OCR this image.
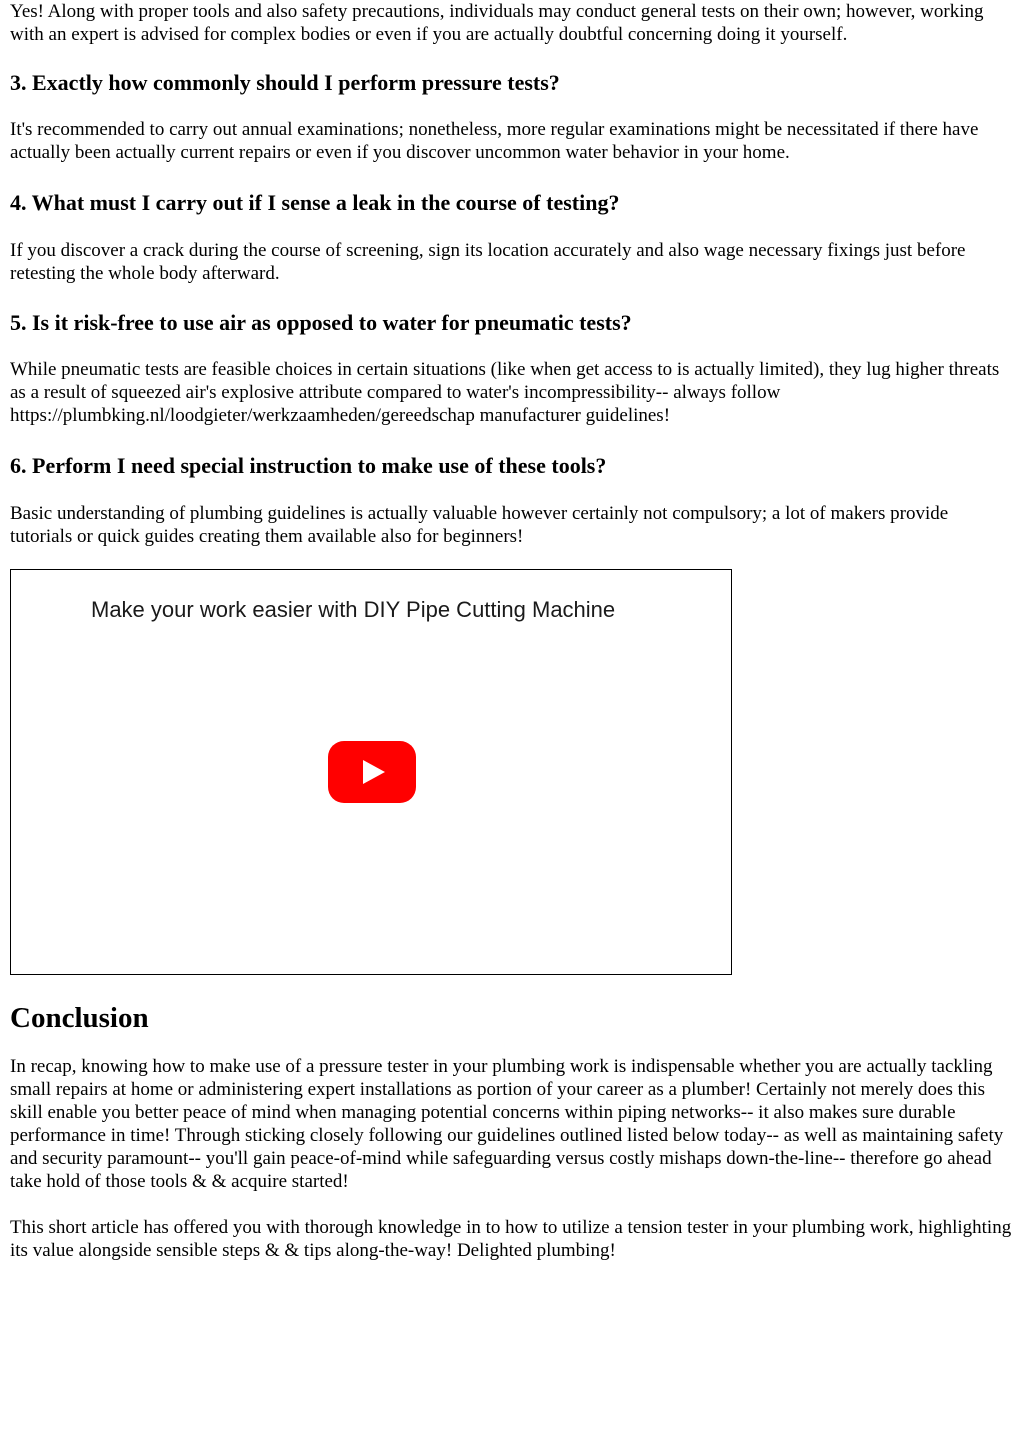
Yes! Along with proper tools and also safety precautions, individuals may conduct general tests on their own; however, working with an expert is advised for complex bodies or even if you are actually doubtful concerning doing it yourself.

3. Exactly how commonly should I perform pressure tests?

It's recommended to carry out annual examinations; nonetheless, more regular examinations might be necessitated if there have actually been actually current repairs or even if you discover uncommon water behavior in your home.

4. What must I carry out if I sense a leak in the course of testing?

If you discover a crack during the course of screening, sign its location accurately and also wage necessary fixings just before retesting the whole body afterward.

5. Is it risk-free to use air as opposed to water for pneumatic tests?

While pneumatic tests are feasible choices in certain situations (like when get access to is actually limited), they lug higher threats as a result of squeezed air's explosive attribute compared to water's incompressibility-- always follow https://plumbking.nl/loodgieter/werkzaamheden/gereedschap manufacturer guidelines!

6. Perform I need special instruction to make use of these tools?

Basic understanding of plumbing guidelines is actually valuable however certainly not compulsory; a lot of makers provide tutorials or quick guides creating them available also for beginners!

Make your work easier with DIY Pipe Cutting Machine
Conclusion

In recap, knowing how to make use of a pressure tester in your plumbing work is indispensable whether you are actually tackling small repairs at home or administering expert installations as portion of your career as a plumber! Certainly not merely does this skill enable you better peace of mind when managing potential concerns within piping networks-- it also makes sure durable performance in time! Through sticking closely following our guidelines outlined listed below today-- as well as maintaining safety and security paramount-- you'll gain peace-of-mind while safeguarding versus costly mishaps down-the-line-- therefore go ahead take hold of those tools & & acquire started!

This short article has offered you with thorough knowledge in to how to utilize a tension tester in your plumbing work, highlighting its value alongside sensible steps & & tips along-the-way! Delighted plumbing!
